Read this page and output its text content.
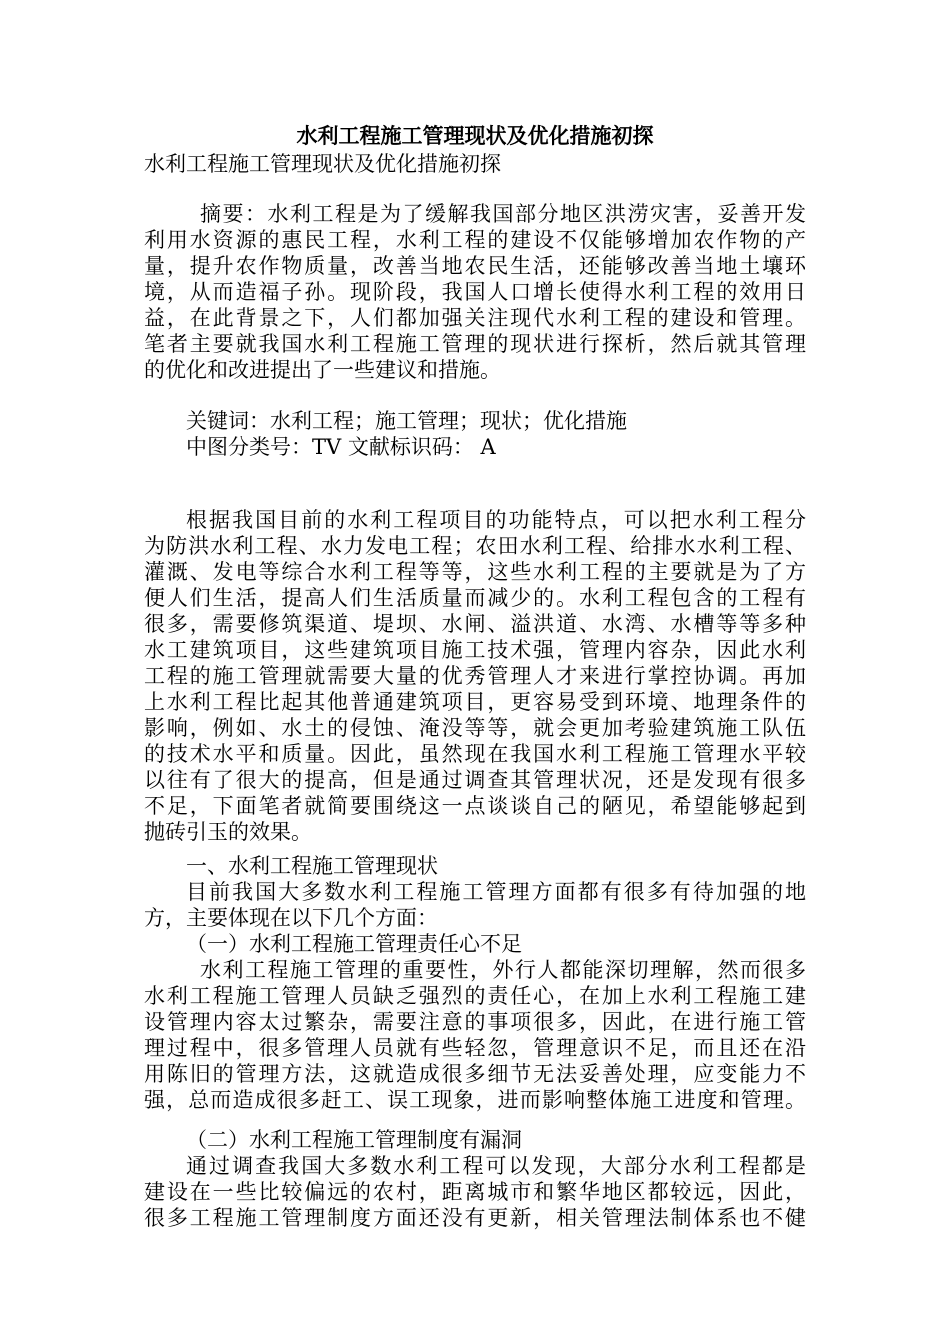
水利工程施工管理现状及优化措施初探
水利工程施工管理现状及优化措施初探
摘要：水利工程是为了缓解我国部分地区洪涝灾害，妥善开发
利用水资源的惠民工程，水利工程的建设不仅能够增加农作物的产
量，提升农作物质量，改善当地农民生活，还能够改善当地土壤环
境，从而造福子孙。现阶段，我国人口增长使得水利工程的效用日
益，在此背景之下，人们都加强关注现代水利工程的建设和管理。
笔者主要就我国水利工程施工管理的现状进行探析，然后就其管理
的优化和改进提出了一些建议和措施。
关键词：水利工程；施工管理；现状；优化措施
中图分类号：TV 文献标识码： A
根据我国目前的水利工程项目的功能特点，可以把水利工程分
为防洪水利工程、水力发电工程；农田水利工程、给排水水利工程、
灌溉、发电等综合水利工程等等，这些水利工程的主要就是为了方
便人们生活，提高人们生活质量而减少的。水利工程包含的工程有
很多，需要修筑渠道、堤坝、水闸、溢洪道、水湾、水槽等等多种
水工建筑项目，这些建筑项目施工技术强，管理内容杂，因此水利
工程的施工管理就需要大量的优秀管理人才来进行掌控协调。再加
上水利工程比起其他普通建筑项目，更容易受到环境、地理条件的
影响，例如、水土的侵蚀、淹没等等，就会更加考验建筑施工队伍
的技术水平和质量。因此，虽然现在我国水利工程施工管理水平较
以往有了很大的提高，但是通过调查其管理状况，还是发现有很多
不足，下面笔者就简要围绕这一点谈谈自己的陋见，希望能够起到
抛砖引玉的效果。
一、水利工程施工管理现状
目前我国大多数水利工程施工管理方面都有很多有待加强的地
方，主要体现在以下几个方面：
（一）水利工程施工管理责任心不足
水利工程施工管理的重要性，外行人都能深切理解，然而很多
水利工程施工管理人员缺乏强烈的责任心，在加上水利工程施工建
设管理内容太过繁杂，需要注意的事项很多，因此，在进行施工管
理过程中，很多管理人员就有些轻忽，管理意识不足，而且还在沿
用陈旧的管理方法，这就造成很多细节无法妥善处理，应变能力不
强，总而造成很多赶工、误工现象，进而影响整体施工进度和管理。
（二）水利工程施工管理制度有漏洞
通过调查我国大多数水利工程可以发现，大部分水利工程都是
建设在一些比较偏远的农村，距离城市和繁华地区都较远，因此，
很多工程施工管理制度方面还没有更新，相关管理法制体系也不健
